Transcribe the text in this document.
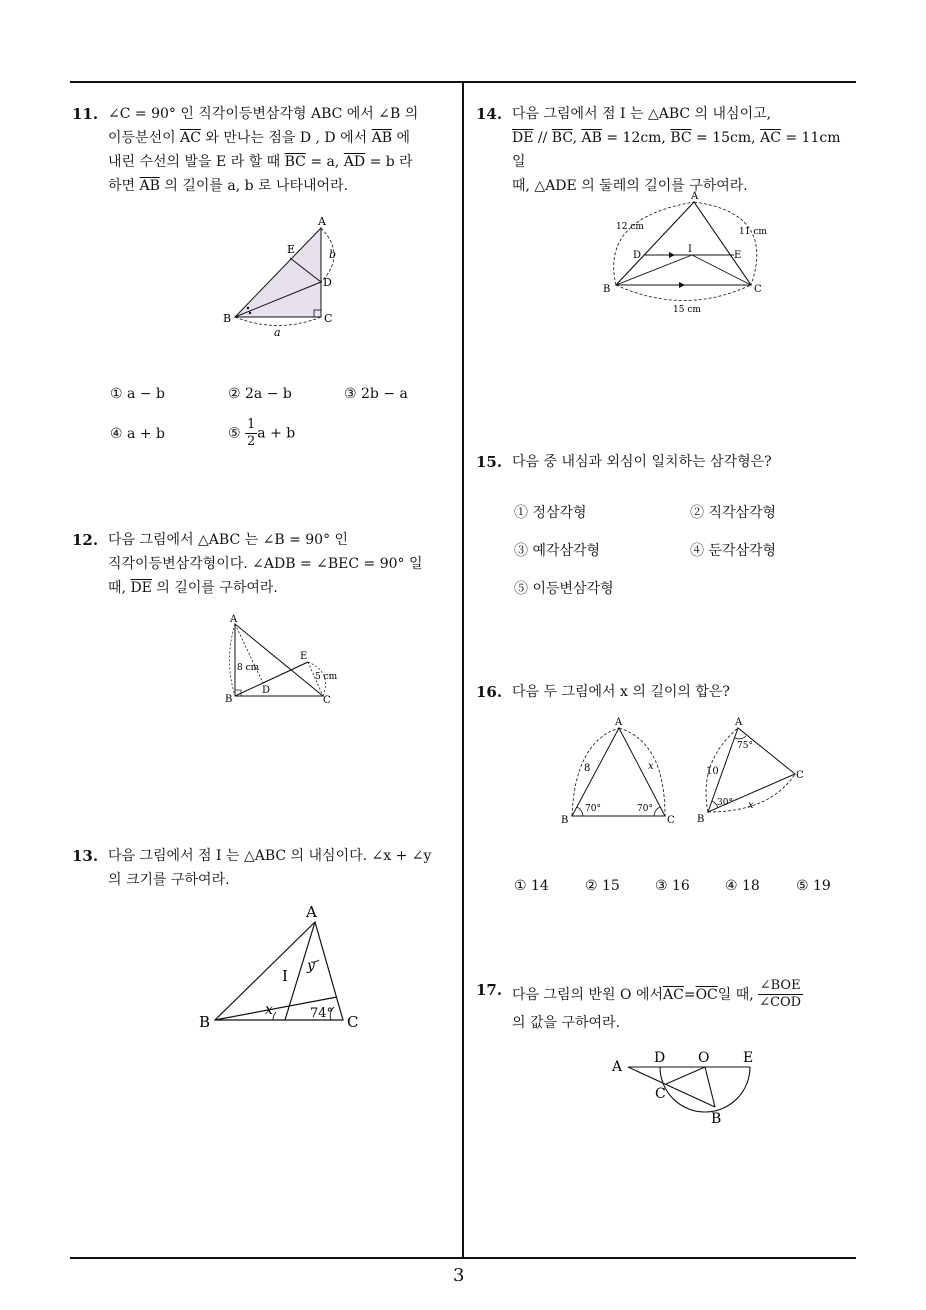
11. ∠C = 90° 인 직각이등변삼각형 ABC 에서 ∠B 의
이등분선이 $\overline{AC}$ 와 만나는 점을 D , D 에서 $\overline{AB}$ 에
내린 수선의 발을 E 라 할 때 $\overline{BC} = a$, $\overline{AD} = b$ 라
하면 $\overline{AB}$ 의 길이를 a, b 로 나타내어라.
A
E
D
B	C
a
b
① a − b	② 2a − b	③ 2b − a
④ a + b	⑤ $\frac{1}{2}$ a + b
12. 다음 그림에서 △ABC 는 ∠B = 90° 인
직각이등변삼각형이다. ∠ADB = ∠BEC = 90° 일
때, $\overline{DE}$ 의 길이를 구하여라.
A
E
B
D
C
8 cm
5 cm
13. 다음 그림에서 점 I 는 △ABC 의 내심이다. ∠x + ∠y
의 크기를 구하여라.
A
B	C
I
x
y
74°
14. 다음 그림에서 점 I 는 △ABC 의 내심이고,
$\overline{DE} // \overline{BC}$, $\overline{AB} = 12cm$, $\overline{BC} = 15cm$, $\overline{AC} = 11cm$ 일
때, △ADE 의 둘레의 길이를 구하여라.
A
D
I
E
B	C
12 cm	11 cm
15 cm
15. 다음 중 내심과 외심이 일치하는 삼각형은?
① 정삼각형	② 직각삼각형
③ 예각삼각형	④ 둔각삼각형
⑤ 이등변삼각형
16. 다음 두 그림에서 x 의 길이의 합은?
A
B	C
8	x
70°	70°
A
B
C
10
x
75°
30°
① 14	② 15	③ 16	④ 18	⑤ 19
17. 다음 그림의 반원 O 에서 $\overline{AC} = \overline{OC}$ 일 때, $\frac{\text{∠BOE}}{\text{∠COD}}$
의 값을 구하여라.
A
D O E
C
B
3
